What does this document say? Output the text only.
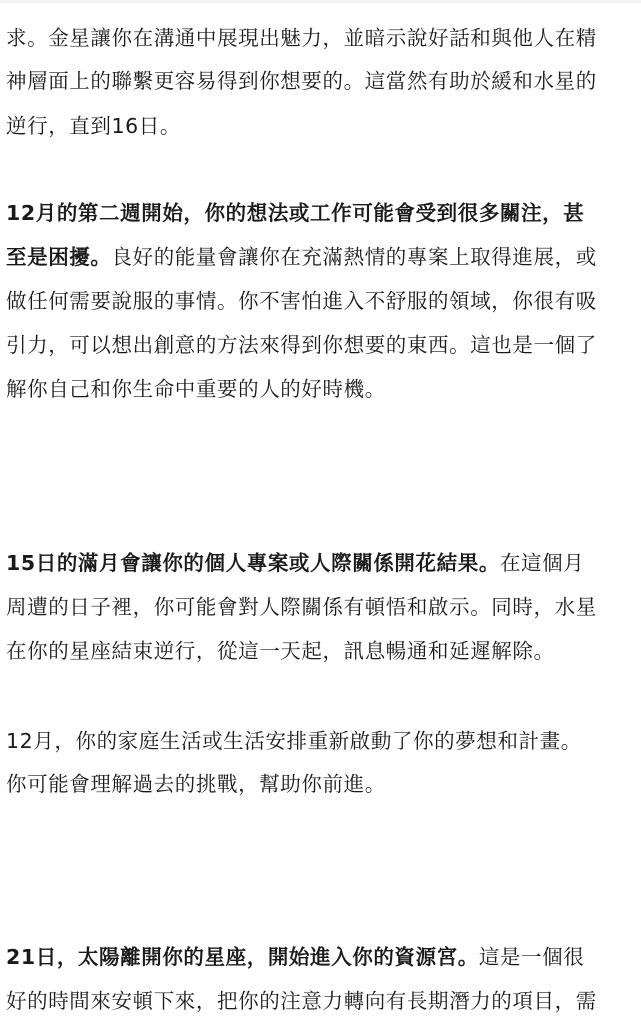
求。金星讓你在溝通中展現出魅力，並暗示說好話和與他人在精
神層面上的聯繫更容易得到你想要的。這當然有助於緩和水星的
逆行，直到16日。
12月的第二週開始，你的想法或工作可能會受到很多關注，甚
至是困擾。良好的能量會讓你在充滿熱情的專案上取得進展，或
做任何需要說服的事情。你不害怕進入不舒服的領域，你很有吸
引力，可以想出創意的方法來得到你想要的東西。這也是一個了
解你自己和你生命中重要的人的好時機。
15日的滿月會讓你的個人專案或人際關係開花結果。在這個月
周遭的日子裡，你可能會對人際關係有頓悟和啟示。同時，水星
在你的星座結束逆行，從這一天起，訊息暢通和延遲解除。
12月，你的家庭生活或生活安排重新啟動了你的夢想和計畫。
你可能會理解過去的挑戰，幫助你前進。
21日，太陽離開你的星座，開始進入你的資源宮。這是一個很
好的時間來安頓下來，把你的注意力轉向有長期潛力的項目，需
